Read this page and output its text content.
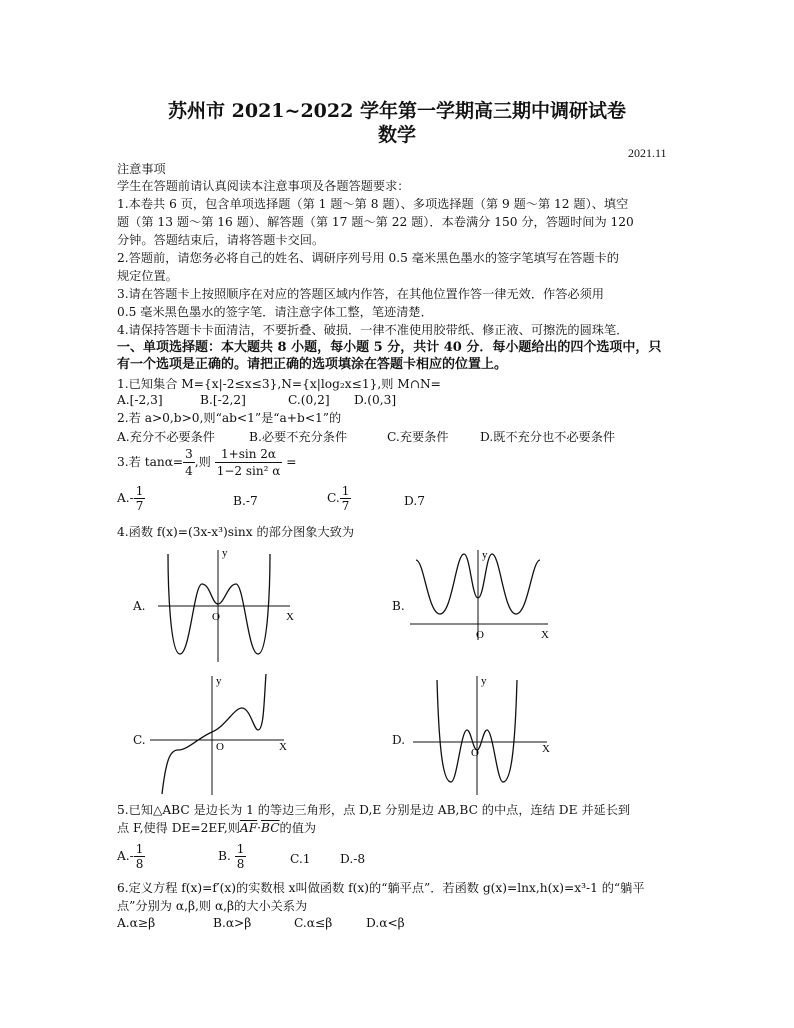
苏州市 2021~2022 学年第一学期高三期中调研试卷
数学
2021.11
注意事项
学生在答题前请认真阅读本注意事项及各题答题要求：
1.本卷共 6 页，包含单项选择题（第 1 题～第 8 题）、多项选择题（第 9 题～第 12 题）、填空
题（第 13 题～第 16 题）、解答题（第 17 题～第 22 题）．本卷满分 150 分，答题时间为 120
分钟。答题结束后，请将答题卡交回。
2.答题前，请您务必将自己的姓名、调研序列号用 0.5 毫米黑色墨水的签字笔填写在答题卡的
规定位置。
3.请在答题卡上按照顺序在对应的答题区域内作答，在其他位置作答一律无效．作答必须用
0.5 毫米黑色墨水的签字笔．请注意字体工整，笔迹清楚．
4.请保持答题卡卡面清洁，不要折叠、破损．一律不准使用胶带纸、修正液、可擦洗的圆珠笔．
一、单项选择题：本大题共 8 小题，每小题 5 分，共计 40 分．每小题给出的四个选项中，只
有一个选项是正确的。请把正确的选项填涂在答题卡相应的位置上。
1.已知集合 M={x|-2≤x≤3},N={x|log₂x≤1},则 M∩N=
A.[-2,3]	B.[-2,2]	C.(0,2] D.(0,3]
2.若 a>0,b>0,则“ab<1”是“a+b<1”的
A.充分不必要条件	B.必要不充分条件	C.充要条件	D.既不充分也不必要条件
3.若 $\tan\alpha= \frac{3}{4}$ ,则 $\frac{1+\sin 2\alpha}{\text{1−2 sin² α}}$ =
$A.- \frac{1}{7}$	B.-7	C. $\frac{1}{7}$	D.7
4.函数 f(x)=(3x-x³)sinx 的部分图象大致为
A.
X
y
O
B.
X
y
O
C.	X
y
O	D.
X
y
O
5.已知△ABC 是边长为 1 的等边三角形，点 D,E 分别是边 AB,BC 的中点，连结 DE 并延长到
点 F,使得 DE=2EF,则$\overline{AF}\cdot\overline{BC}$的值为
$A.- \frac{1}{8}$	B. $\frac{1}{8}$	C.1 D.-8
6.定义方程 f(x)=f′(x)的实数根 x叫做函数 f(x)的“躺平点”．若函数 g(x)=lnx,h(x)=x³-1 的“躺平
点”分别为 α,β,则 α,β的大小关系为
A.α≥β	B.α>β	C.α≤β	D.α<β
